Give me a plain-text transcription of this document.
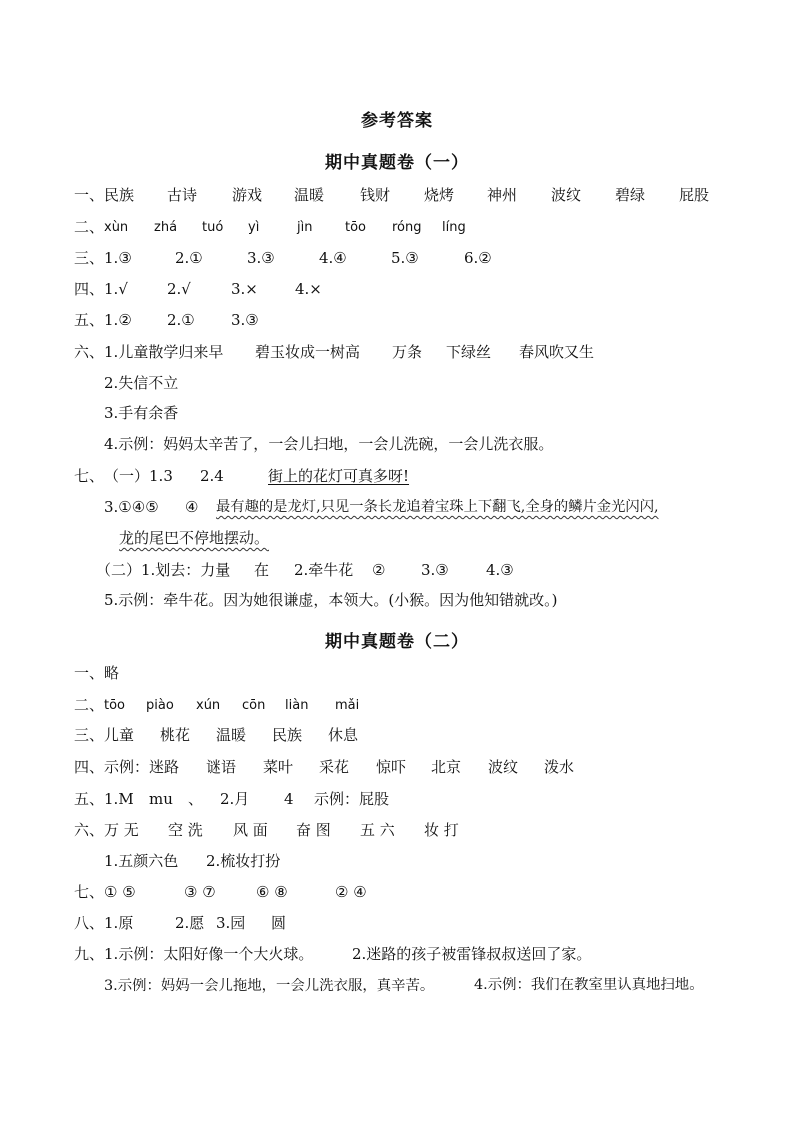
参考答案
期中真题卷（一）
一、民族 古诗 游戏 温暖 钱财 烧烤 神州 波纹 碧绿 屁股
二、 xùn zhá tuó yì	jìn	tōo róng líng
三、1.③	2.①	3.③	4.④	5.③	6.②
四、1.√	2.√	3.× 4.×
五、1.② 2.① 3.③
六、1.儿童散学归来早 碧玉妆成一树高 万条 下绿丝 春风吹又生
2.失信不立
3.手有余香
4.示例：妈妈太辛苦了，一会儿扫地，一会儿洗碗，一会儿洗衣服。
七、（一）1.3 2.4	街上的花灯可真多呀!
3.①④⑤ ④ 最有趣的是龙灯,只见一条长龙追着宝珠上下翻飞,全身的鳞片金光闪闪,
龙的尾巴不停地摆动。
（二）1.划去：力量 在 2.牵牛花 ② 3.③ 4.③
5.示例：牵牛花。因为她很谦虚，本领大。(小猴。因为他知错就改。)
期中真题卷（二）
一、略
二、 tōo piào xún cōn liàn mǎi
三、儿童 桃花 温暖 民族 休息
四、示例：迷路 谜语 菜叶 采花 惊吓 北京 波纹 泼水
五、1.M mu 、 2.月 4 示例：屁股
六、万 无 空 洗 风 面 奋 图 五 六 妆 打
1.五颜六色 2.梳妆打扮
七、① ⑤	③ ⑦	⑥ ⑧	② ④
八、1.原	2.愿 3.园 圆
九、1.示例：太阳好像一个大火球。	2.迷路的孩子被雷锋叔叔送回了家。
3.示例：妈妈一会儿拖地，一会儿洗衣服，真辛苦。	4.示例：我们在教室里认真地扫地。
